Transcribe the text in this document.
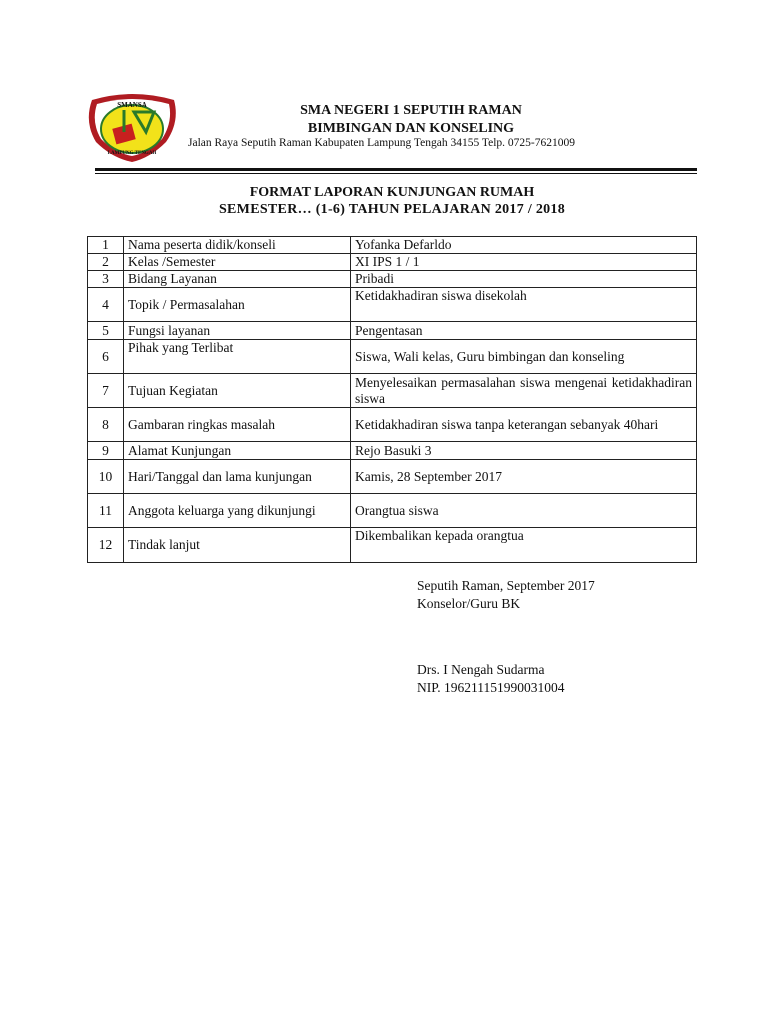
SMANSA
LAMPUNG TENGAH
SMA NEGERI 1 SEPUTIH RAMAN
BIMBINGAN DAN KONSELING
Jalan Raya Seputih Raman Kabupaten Lampung Tengah 34155 Telp. 0725-7621009
FORMAT LAPORAN KUNJUNGAN RUMAH
SEMESTER… (1-6) TAHUN PELAJARAN 2017 / 2018
1	Nama peserta didik/konseli	Yofanka Defarldo
2	Kelas /Semester	XI IPS 1 / 1
3	Bidang Layanan	Pribadi
4	Topik / Permasalahan	Ketidakhadiran siswa disekolah
5	Fungsi layanan	Pengentasan
6	Pihak yang Terlibat	Siswa, Wali kelas, Guru bimbingan dan konseling
7	Tujuan Kegiatan	Menyelesaikan permasalahan siswa mengenai ketidakhadiran siswa
8	Gambaran ringkas masalah	Ketidakhadiran siswa tanpa keterangan sebanyak 40hari
9	Alamat Kunjungan	Rejo Basuki 3
10	Hari/Tanggal dan lama kunjungan	Kamis, 28 September 2017
11	Anggota keluarga yang dikunjungi	Orangtua siswa
12	Tindak lanjut	Dikembalikan kepada orangtua
Seputih Raman, September 2017
Konselor/Guru BK
Drs. I Nengah Sudarma
NIP. 196211151990031004
